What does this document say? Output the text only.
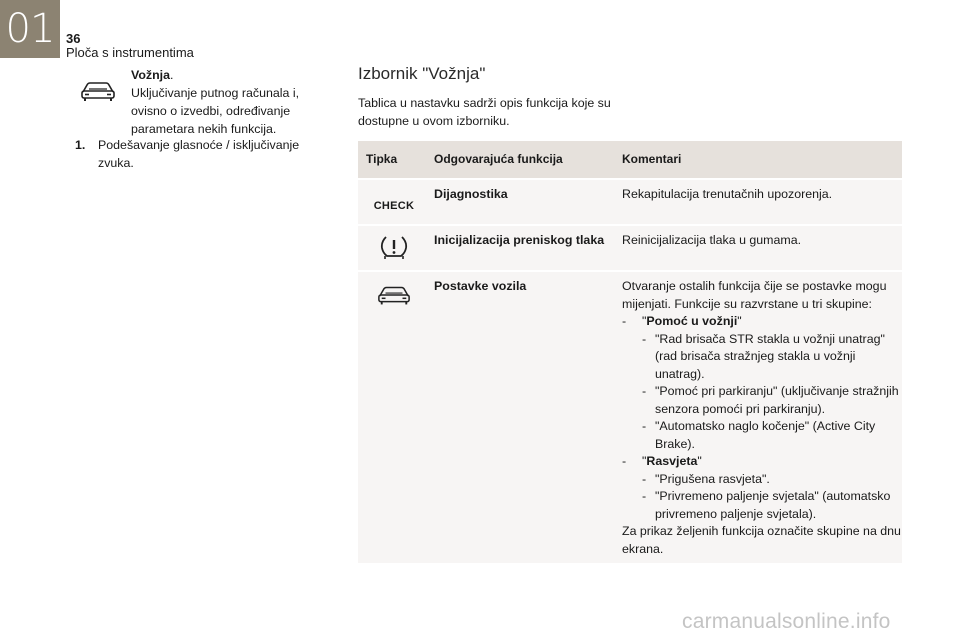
01 36
Ploča s instrumentima
Vožnja.
Uključivanje putnog računala i, ovisno o izvedbi, određivanje parametara nekih funkcija.
1. Podešavanje glasnoće / isključivanje zvuka.
Izbornik "Vožnja"
Tablica u nastavku sadrži opis funkcija koje su dostupne u ovom izborniku.
Tipka	Odgovarajuća funkcija	Komentari
CHECK
Dijagnostika	Rekapitulacija trenutačnih upozorenja.
Inicijalizacija preniskog tlaka	Reinicijalizacija tlaka u gumama.
Postavke vozila	Otvaranje ostalih funkcija čije se postavke mogu mijenjati. Funkcije su razvrstane u tri skupine:
- "Pomoć u vožnji"
- "Rad brisača STR stakla u vožnji unatrag" (rad brisača stražnjeg stakla u vožnji unatrag).
- "Pomoć pri parkiranju" (uključivanje stražnjih senzora pomoći pri parkiranju).
- "Automatsko naglo kočenje" (Active City Brake).
- "Rasvjeta"
- "Prigušena rasvjeta".
- "Privremeno paljenje svjetala" (automatsko privremeno paljenje svjetala).
Za prikaz željenih funkcija označite skupine na dnu ekrana.
carmanualsonline.info
